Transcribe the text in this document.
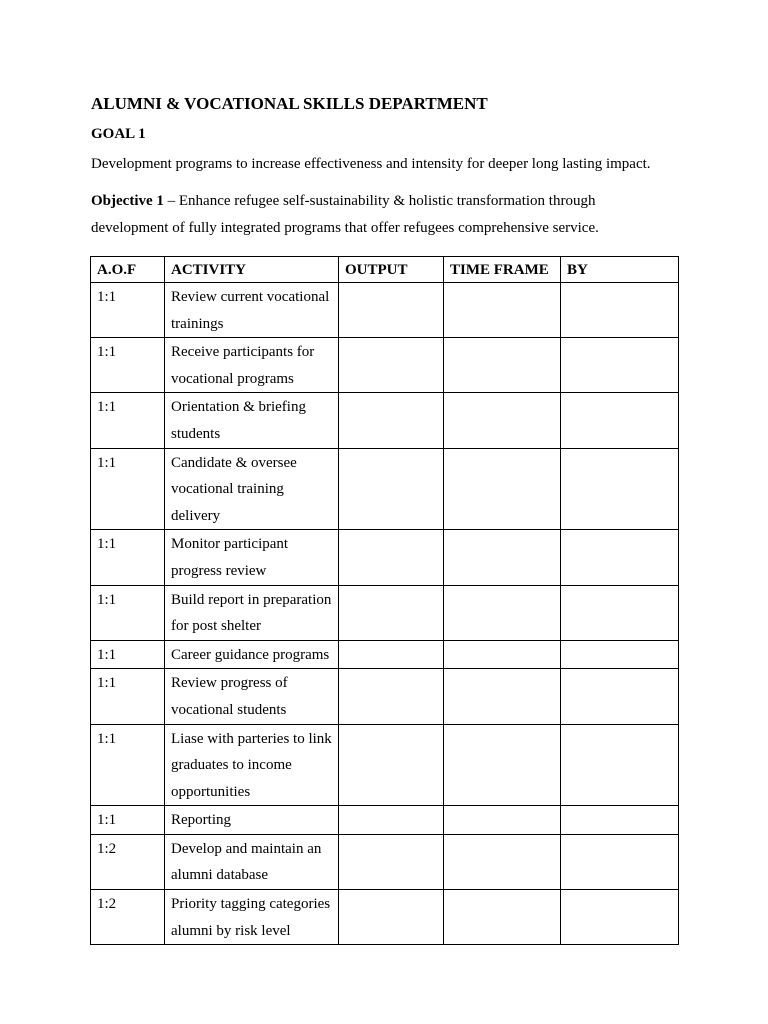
ALUMNI & VOCATIONAL SKILLS DEPARTMENT
GOAL 1

Development programs to increase effectiveness and intensity for deeper long lasting impact.

Objective 1 – Enhance refugee self-sustainability & holistic transformation through

development of fully integrated programs that offer refugees comprehensive service.

A.O.F	ACTIVITY	OUTPUT	TIME FRAME	BY
1:1	Review current vocational trainings			
1:1	Receive participants for vocational programs			
1:1	Orientation & briefing students			
1:1	Candidate & oversee vocational training delivery			
1:1	Monitor participant progress review			
1:1	Build report in preparation for post shelter			
1:1	Career guidance programs			
1:1	Review progress of vocational students			
1:1	Liase with parteries to link graduates to income opportunities			
1:1	Reporting			
1:2	Develop and maintain an alumni database			
1:2	Priority tagging categories alumni by risk level			
